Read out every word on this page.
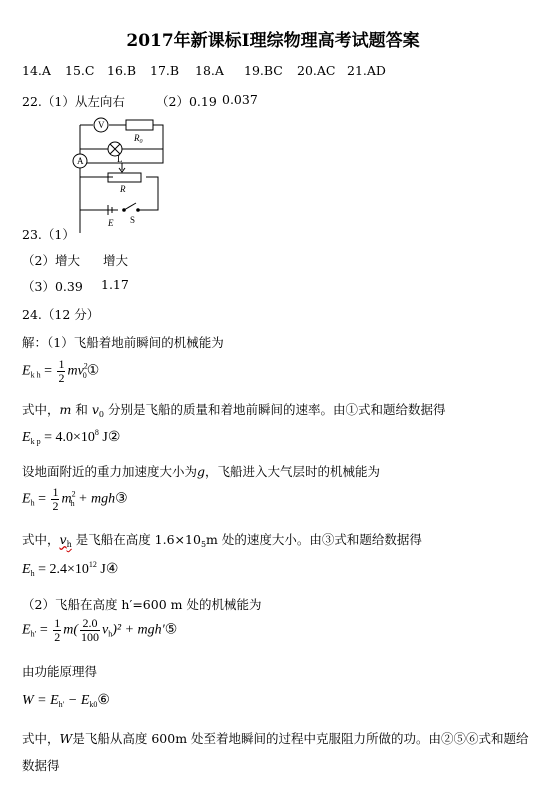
2017年新课标Ⅰ理综物理高考试题答案
14.A 15.C 16.B 17.B 18.A 19.BC 20.AC 21.AD
22.（1）从左向右 （2）0.19 0.037
V
$R_0$
A	L
R
E S
23.（1）
（2）增大 增大
（3）0.39 1.17
24.（12 分）
解：（1）飞船着地前瞬间的机械能为
$E_{k h} = \frac{1}{2}$ $mv^2_0①$
式中，m 和 $v_0$ 分别是飞船的质量和着地前瞬间的速率。由①式和题给数据得
$E_{k p} = 4.0\times 10^8$ J②
设地面附近的重力加速度大小为g，飞船进入大气层时的机械能为
$E_h = \frac{1}{2} m^2_h$ + mgh③
式中，$v_h$ 是飞船在高度 $1.6\times 10_5m$ 处的速度大小。由③式和题给数据得
$E_h = 2.4\times 10^{12}$ J④
（2）飞船在高度 h′=600 m 处的机械能为
$E_{h'} = \frac{1}{2} m( \frac{2.0}{100} v_h)^2$ + mgh′⑤
由功能原理得
$W = E_{h'}$ − $E_{k0}⑥$
式中，W是飞船从高度 600m 处至着地瞬间的过程中克服阻力所做的功。由②⑤⑥式和题给
数据得
